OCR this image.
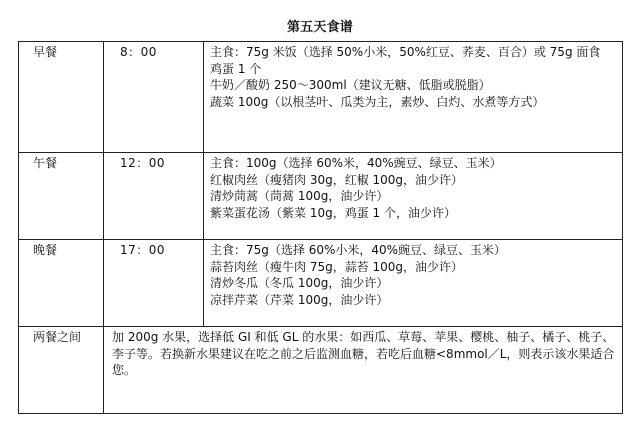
第五天食谱
早餐	8：00	主食：75g 米饭（选择 50%小米，50%红豆、荞麦、百合）或 75g 面食
鸡蛋 1 个
牛奶／酸奶 250～300ml（建议无糖、低脂或脱脂）
蔬菜 100g（以根茎叶、瓜类为主，素炒、白灼、水煮等方式）

午餐	12：00	主食：100g（选择 60%米，40%豌豆、绿豆、玉米）
红椒肉丝（瘦猪肉 30g，红椒 100g，油少许）
清炒茼蒿（茼蒿 100g，油少许）
紫菜蛋花汤（紫菜 10g，鸡蛋 1 个，油少许）

晚餐	17：00	主食：75g（选择 60%小米，40%豌豆、绿豆、玉米）
蒜苔肉丝（瘦牛肉 75g，蒜苔 100g，油少许）
清炒冬瓜（冬瓜 100g，油少许）
凉拌芹菜（芹菜 100g，油少许）

两餐之间	加 200g 水果，选择低 GI 和低 GL 的水果：如西瓜、草莓、苹果、樱桃、柚子、橘子、桃子、李子等。若换新水果建议在吃之前之后监测血糖，若吃后血糖<8mmol／L，则表示该水果适合您。	
